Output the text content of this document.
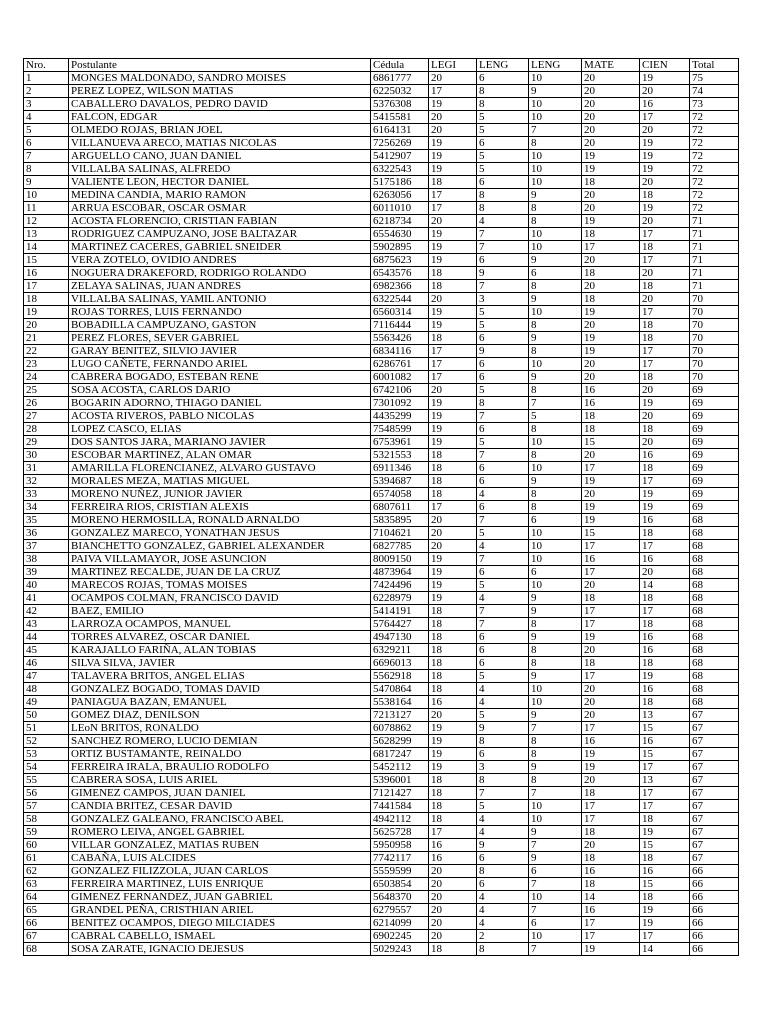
Nro.	Postulante	Cédula	LEGI	LENG	LENG	MATE	CIEN	Total
1	MONGES MALDONADO, SANDRO MOISES	6861777	20	6	10	20	19	75
2	PEREZ LOPEZ, WILSON MATIAS	6225032	17	8	9	20	20	74
3	CABALLERO DAVALOS, PEDRO DAVID	5376308	19	8	10	20	16	73
4	FALCON, EDGAR	5415581	20	5	10	20	17	72
5	OLMEDO ROJAS, BRIAN JOEL	6164131	20	5	7	20	20	72
6	VILLANUEVA ARECO, MATIAS NICOLAS	7256269	19	6	8	20	19	72
7	ARGUELLO CANO, JUAN DANIEL	5412907	19	5	10	19	19	72
8	VILLALBA SALINAS, ALFREDO	6322543	19	5	10	19	19	72
9	VALIENTE LEON, HECTOR DANIEL	5175186	18	6	10	18	20	72
10	MEDINA CANDIA, MARIO RAMON	6263056	17	8	9	20	18	72
11	ARRUA ESCOBAR, OSCAR OSMAR	6011010	17	8	8	20	19	72
12	ACOSTA FLORENCIO, CRISTIAN FABIAN	6218734	20	4	8	19	20	71
13	RODRIGUEZ CAMPUZANO, JOSE BALTAZAR	6554630	19	7	10	18	17	71
14	MARTINEZ CACERES, GABRIEL SNEIDER	5902895	19	7	10	17	18	71
15	VERA ZOTELO, OVIDIO ANDRES	6875623	19	6	9	20	17	71
16	NOGUERA DRAKEFORD, RODRIGO ROLANDO	6543576	18	9	6	18	20	71
17	ZELAYA SALINAS, JUAN ANDRES	6982366	18	7	8	20	18	71
18	VILLALBA SALINAS, YAMIL ANTONIO	6322544	20	3	9	18	20	70
19	ROJAS TORRES, LUIS FERNANDO	6560314	19	5	10	19	17	70
20	BOBADILLA CAMPUZANO, GASTON	7116444	19	5	8	20	18	70
21	PEREZ FLORES, SEVER GABRIEL	5563426	18	6	9	19	18	70
22	GARAY BENITEZ, SILVIO JAVIER	6834116	17	9	8	19	17	70
23	LUGO CAÑETE, FERNANDO ARIEL	6286761	17	6	10	20	17	70
24	CABRERA BOGADO, ESTEBAN RENE	6001082	17	6	9	20	18	70
25	SOSA ACOSTA, CARLOS DARIO	6742106	20	5	8	16	20	69
26	BOGARIN ADORNO, THIAGO DANIEL	7301092	19	8	7	16	19	69
27	ACOSTA RIVEROS, PABLO NICOLAS	4435299	19	7	5	18	20	69
28	LOPEZ CASCO, ELIAS	7548599	19	6	8	18	18	69
29	DOS SANTOS JARA, MARIANO JAVIER	6753961	19	5	10	15	20	69
30	ESCOBAR MARTINEZ, ALAN OMAR	5321553	18	7	8	20	16	69
31	AMARILLA FLORENCIANEZ, ALVARO GUSTAVO	6911346	18	6	10	17	18	69
32	MORALES MEZA, MATIAS MIGUEL	5394687	18	6	9	19	17	69
33	MORENO NUÑEZ, JUNIOR JAVIER	6574058	18	4	8	20	19	69
34	FERREIRA RIOS, CRISTIAN ALEXIS	6807611	17	6	8	19	19	69
35	MORENO HERMOSILLA, RONALD ARNALDO	5835895	20	7	6	19	16	68
36	GONZALEZ MARECO, YONATHAN JESUS	7104621	20	5	10	15	18	68
37	BIANCHETTO GONZALEZ, GABRIEL ALEXANDER	6827785	20	4	10	17	17	68
38	PAIVA VILLAMAYOR, JOSE ASUNCION	8009150	19	7	10	16	16	68
39	MARTINEZ RECALDE, JUAN DE LA CRUZ	4873964	19	6	6	17	20	68
40	MARECOS ROJAS, TOMAS MOISES	7424496	19	5	10	20	14	68
41	OCAMPOS COLMAN, FRANCISCO DAVID	6228979	19	4	9	18	18	68
42	BAEZ, EMILIO	5414191	18	7	9	17	17	68
43	LARROZA OCAMPOS, MANUEL	5764427	18	7	8	17	18	68
44	TORRES ALVAREZ, OSCAR DANIEL	4947130	18	6	9	19	16	68
45	KARAJALLO FARIÑA, ALAN TOBIAS	6329211	18	6	8	20	16	68
46	SILVA SILVA, JAVIER	6696013	18	6	8	18	18	68
47	TALAVERA BRITOS, ANGEL ELIAS	5562918	18	5	9	17	19	68
48	GONZALEZ BOGADO, TOMAS DAVID	5470864	18	4	10	20	16	68
49	PANIAGUA BAZAN, EMANUEL	5538164	16	4	10	20	18	68
50	GOMEZ DIAZ, DENILSON	7213127	20	5	9	20	13	67
51	LEoN BRITOS, RONALDO	6078862	19	9	7	17	15	67
52	SANCHEZ ROMERO, LUCIO DEMIAN	5628299	19	8	8	16	16	67
53	ORTIZ BUSTAMANTE, REINALDO	6817247	19	6	8	19	15	67
54	FERREIRA IRALA, BRAULIO RODOLFO	5452112	19	3	9	19	17	67
55	CABRERA SOSA, LUIS ARIEL	5396001	18	8	8	20	13	67
56	GIMENEZ CAMPOS, JUAN DANIEL	7121427	18	7	7	18	17	67
57	CANDIA BRITEZ, CESAR DAVID	7441584	18	5	10	17	17	67
58	GONZALEZ GALEANO, FRANCISCO ABEL	4942112	18	4	10	17	18	67
59	ROMERO LEIVA, ANGEL GABRIEL	5625728	17	4	9	18	19	67
60	VILLAR GONZALEZ, MATIAS RUBEN	5950958	16	9	7	20	15	67
61	CABAÑA, LUIS ALCIDES	7742117	16	6	9	18	18	67
62	GONZALEZ FILIZZOLA, JUAN CARLOS	5559599	20	8	6	16	16	66
63	FERREIRA MARTINEZ, LUIS ENRIQUE	6503854	20	6	7	18	15	66
64	GIMENEZ FERNANDEZ, JUAN GABRIEL	5648370	20	4	10	14	18	66
65	GRANDEL PEÑA, CRISTHIAN ARIEL	6279557	20	4	7	16	19	66
66	BENITEZ OCAMPOS, DIEGO MILCIADES	6214099	20	4	6	17	19	66
67	CABRAL CABELLO, ISMAEL	6902245	20	2	10	17	17	66
68	SOSA ZARATE, IGNACIO DEJESUS	5029243	18	8	7	19	14	66
